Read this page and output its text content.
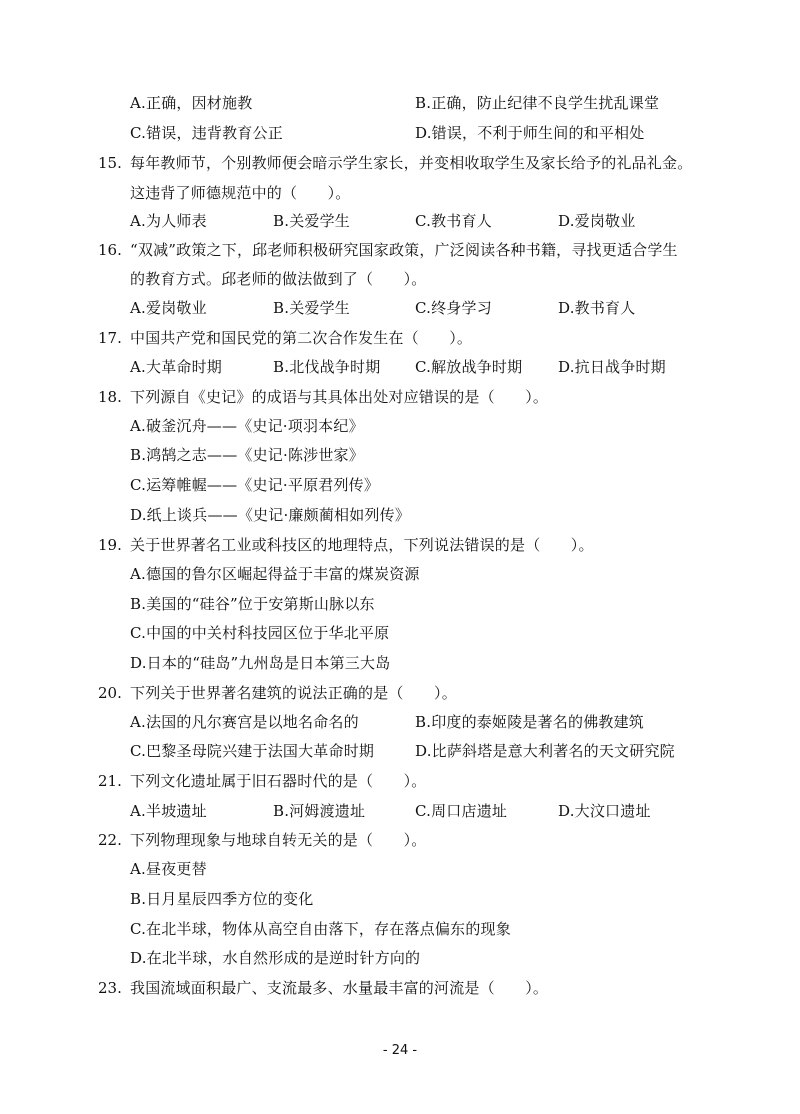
A.正确，因材施教	B.正确，防止纪律不良学生扰乱课堂
C.错误，违背教育公正	D.错误，不利于师生间的和平相处
15. 每年教师节，个别教师便会暗示学生家长，并变相收取学生及家长给予的礼品礼金。
这违背了师德规范中的（　　）。
A.为人师表	B.关爱学生	C.教书育人	D.爱岗敬业
16. “双减”政策之下，邱老师积极研究国家政策，广泛阅读各种书籍，寻找更适合学生
的教育方式。邱老师的做法做到了（　　）。
A.爱岗敬业	B.关爱学生	C.终身学习	D.教书育人
17. 中国共产党和国民党的第二次合作发生在（　　）。
A.大革命时期	B.北伐战争时期 C.解放战争时期 D.抗日战争时期
18. 下列源自《史记》的成语与其具体出处对应错误的是（　　）。
A.破釜沉舟——《史记·项羽本纪》
B.鸿鹄之志——《史记·陈涉世家》
C.运筹帷幄——《史记·平原君列传》
D.纸上谈兵——《史记·廉颇蔺相如列传》
19. 关于世界著名工业或科技区的地理特点，下列说法错误的是（　　）。
A.德国的鲁尔区崛起得益于丰富的煤炭资源
B.美国的“硅谷”位于安第斯山脉以东
C.中国的中关村科技园区位于华北平原
D.日本的“硅岛”九州岛是日本第三大岛
20. 下列关于世界著名建筑的说法正确的是（　　）。
A.法国的凡尔赛宫是以地名命名的	B.印度的泰姬陵是著名的佛教建筑
C.巴黎圣母院兴建于法国大革命时期	D.比萨斜塔是意大利著名的天文研究院
21. 下列文化遗址属于旧石器时代的是（　　）。
A.半坡遗址	B.河姆渡遗址	C.周口店遗址	D.大汶口遗址
22. 下列物理现象与地球自转无关的是（　　）。
A.昼夜更替
B.日月星辰四季方位的变化
C.在北半球，物体从高空自由落下，存在落点偏东的现象
D.在北半球，水自然形成的是逆时针方向的
23. 我国流域面积最广、支流最多、水量最丰富的河流是（　　）。
- 24 -
